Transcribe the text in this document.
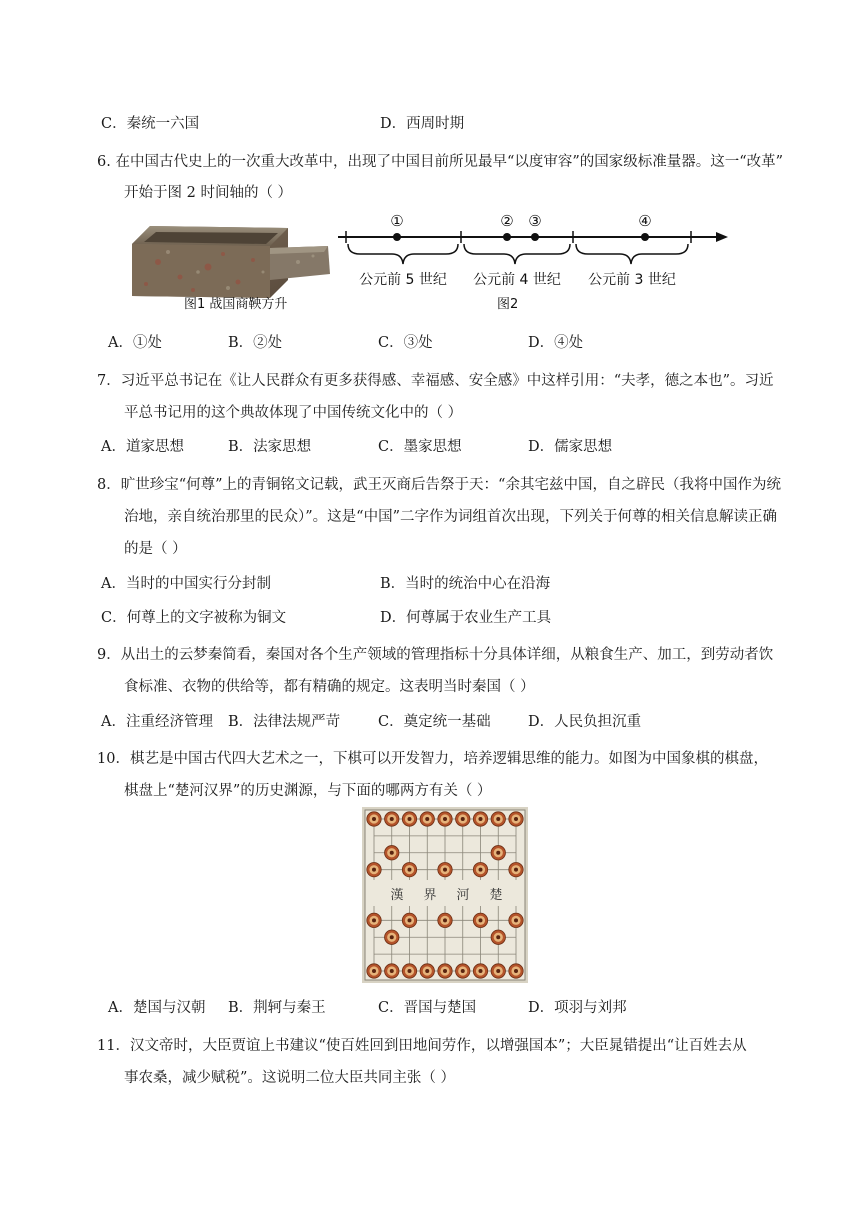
C．秦统一六国	D．西周时期
6. 在中国古代史上的一次重大改革中，出现了中国目前所见最早“以度审容”的国家级标准量器。这一“改革”
开始于图 2 时间轴的（ ）
图1 战国商鞅方升
①	② ③	④
公元前 5 世纪 公元前 4 世纪 公元前 3 世纪
图2
A．①处	B．②处	C．③处	D．④处
7．习近平总书记在《让人民群众有更多获得感、幸福感、安全感》中这样引用：“夫孝，德之本也”。习近
平总书记用的这个典故体现了中国传统文化中的（ ）
A．道家思想	B．法家思想	C．墨家思想	D．儒家思想
8．旷世珍宝“何尊”上的青铜铭文记载，武王灭商后告祭于天：“余其宅兹中国，自之辟民（我将中国作为统
治地，亲自统治那里的民众）”。这是“中国”二字作为词组首次出现，下列关于何尊的相关信息解读正确
的是（ ）
A．当时的中国实行分封制	B．当时的统治中心在沿海
C．何尊上的文字被称为铜文	D．何尊属于农业生产工具
9．从出土的云梦秦简看，秦国对各个生产领域的管理指标十分具体详细，从粮食生产、加工，到劳动者饮
食标准、衣物的供给等，都有精确的规定。这表明当时秦国（ ）
A．注重经济管理 B．法律法规严苛	C．奠定统一基础	D．人民负担沉重
10．棋艺是中国古代四大艺术之一，下棋可以开发智力，培养逻辑思维的能力。如图为中国象棋的棋盘，
棋盘上“楚河汉界”的历史渊源，与下面的哪两方有关（ ）
漢 界 河 楚
A．楚国与汉朝 B．荆轲与秦王	C．晋国与楚国	D．项羽与刘邦
11．汉文帝时，大臣贾谊上书建议“使百姓回到田地间劳作，以增强国本”；大臣晁错提出“让百姓去从
事农桑，减少赋税”。这说明二位大臣共同主张（ ）
